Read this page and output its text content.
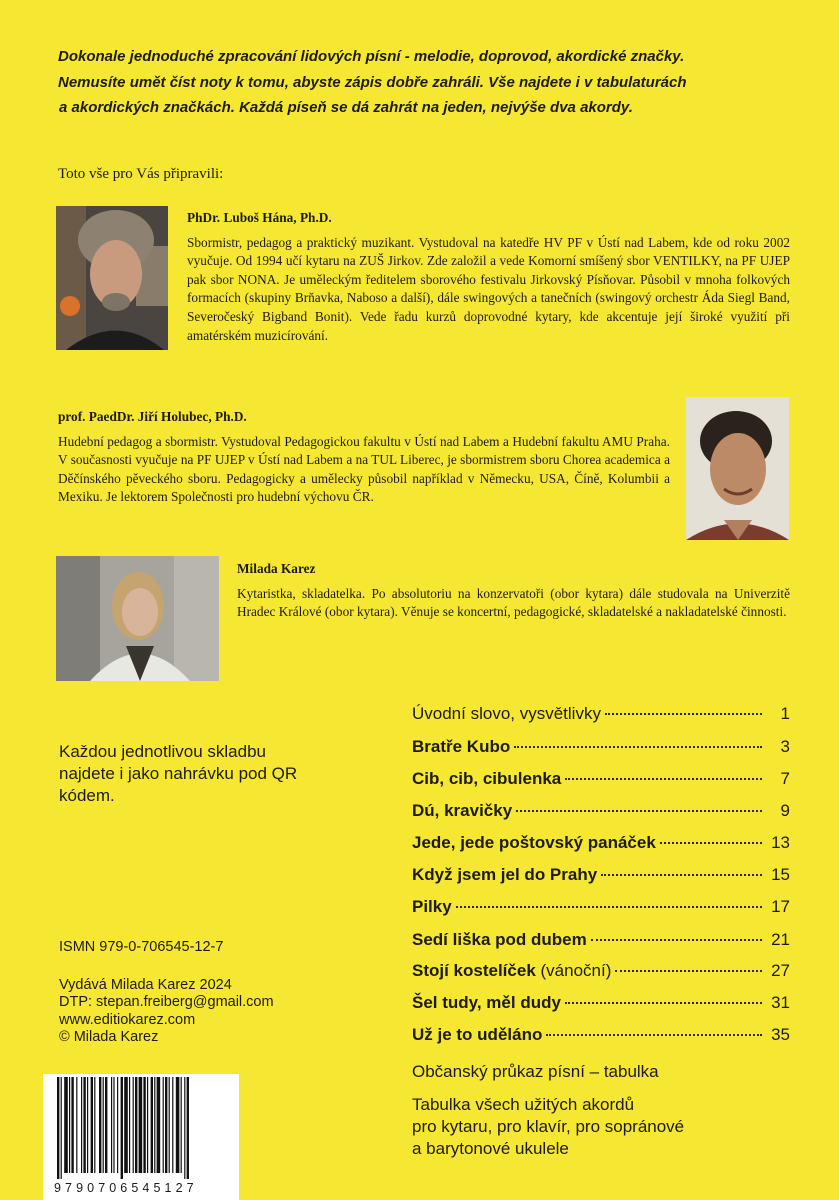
Dokonale jednoduché zpracování lidových písní - melodie, doprovod, akordické značky.
Nemusíte umět číst noty k tomu, abyste zápis dobře zahráli. Vše najdete i v tabulaturách
a akordických značkách. Každá píseň se dá zahrát na jeden, nejvýše dva akordy.
Toto vše pro Vás připravili:
PhDr. Luboš Hána, Ph.D.
Sbormistr, pedagog a praktický muzikant. Vystudoval na katedře HV PF v Ústí nad Labem, kde od roku 2002 vyučuje. Od 1994 učí kytaru na ZUŠ Jirkov. Zde založil a vede Komorní smíšený sbor VENTILKY, na PF UJEP pak sbor NONA. Je uměleckým ředitelem sborového festivalu Jirkovský Písňovar. Působil v mnoha folkových formacích (skupiny Brňavka, Naboso a další), dále swingových a tanečních (swingový orchestr Áda Siegl Band, Severočeský Bigband Bonit). Vede řadu kurzů doprovodné kytary, kde akcentuje její široké využití při amatérském muzicírování.
prof. PaedDr. Jiří Holubec, Ph.D.
Hudební pedagog a sbormistr. Vystudoval Pedagogickou fakultu v Ústí nad Labem a Hudební fakultu AMU Praha. V současnosti vyučuje na PF UJEP v Ústí nad Labem a na TUL Liberec, je sbormistrem sboru Chorea academica a Děčínského pěveckého sboru. Pedagogicky a umělecky působil například v Německu, USA, Číně, Kolumbii a Mexiku. Je lektorem Společnosti pro hudební výchovu ČR.
Milada Karez
Kytaristka, skladatelka. Po absolutoriu na konzervatoři (obor kytara) dále studovala na Univerzitě Hradec Králové (obor kytara). Věnuje se koncertní, pedagogické, skladatelské a nakladatelské činnosti.
Každou jednotlivou skladbu najdete i jako nahrávku pod QR kódem.
ISMN 979-0-706545-12-7
Vydává Milada Karez 2024
DTP: stepan.freiberg@gmail.com
www.editiokarez.com
© Milada Karez
Úvodní slovo, vysvětlivky	1
Bratře Kubo	3
Cib, cib, cibulenka	7
Dú, kravičky	9
Jede, jede poštovský panáček	13
Když jsem jel do Prahy	15
Pilky	17
Sedí liška pod dubem	21
Stojí kostelíček (vánoční)	27
Šel tudy, měl dudy	31
Už je to uděláno	35
Občanský průkaz písní – tabulka
Tabulka všech užitých akordů
pro kytaru, pro klavír, pro sopránové
a barytonové ukulele
9790706545127
